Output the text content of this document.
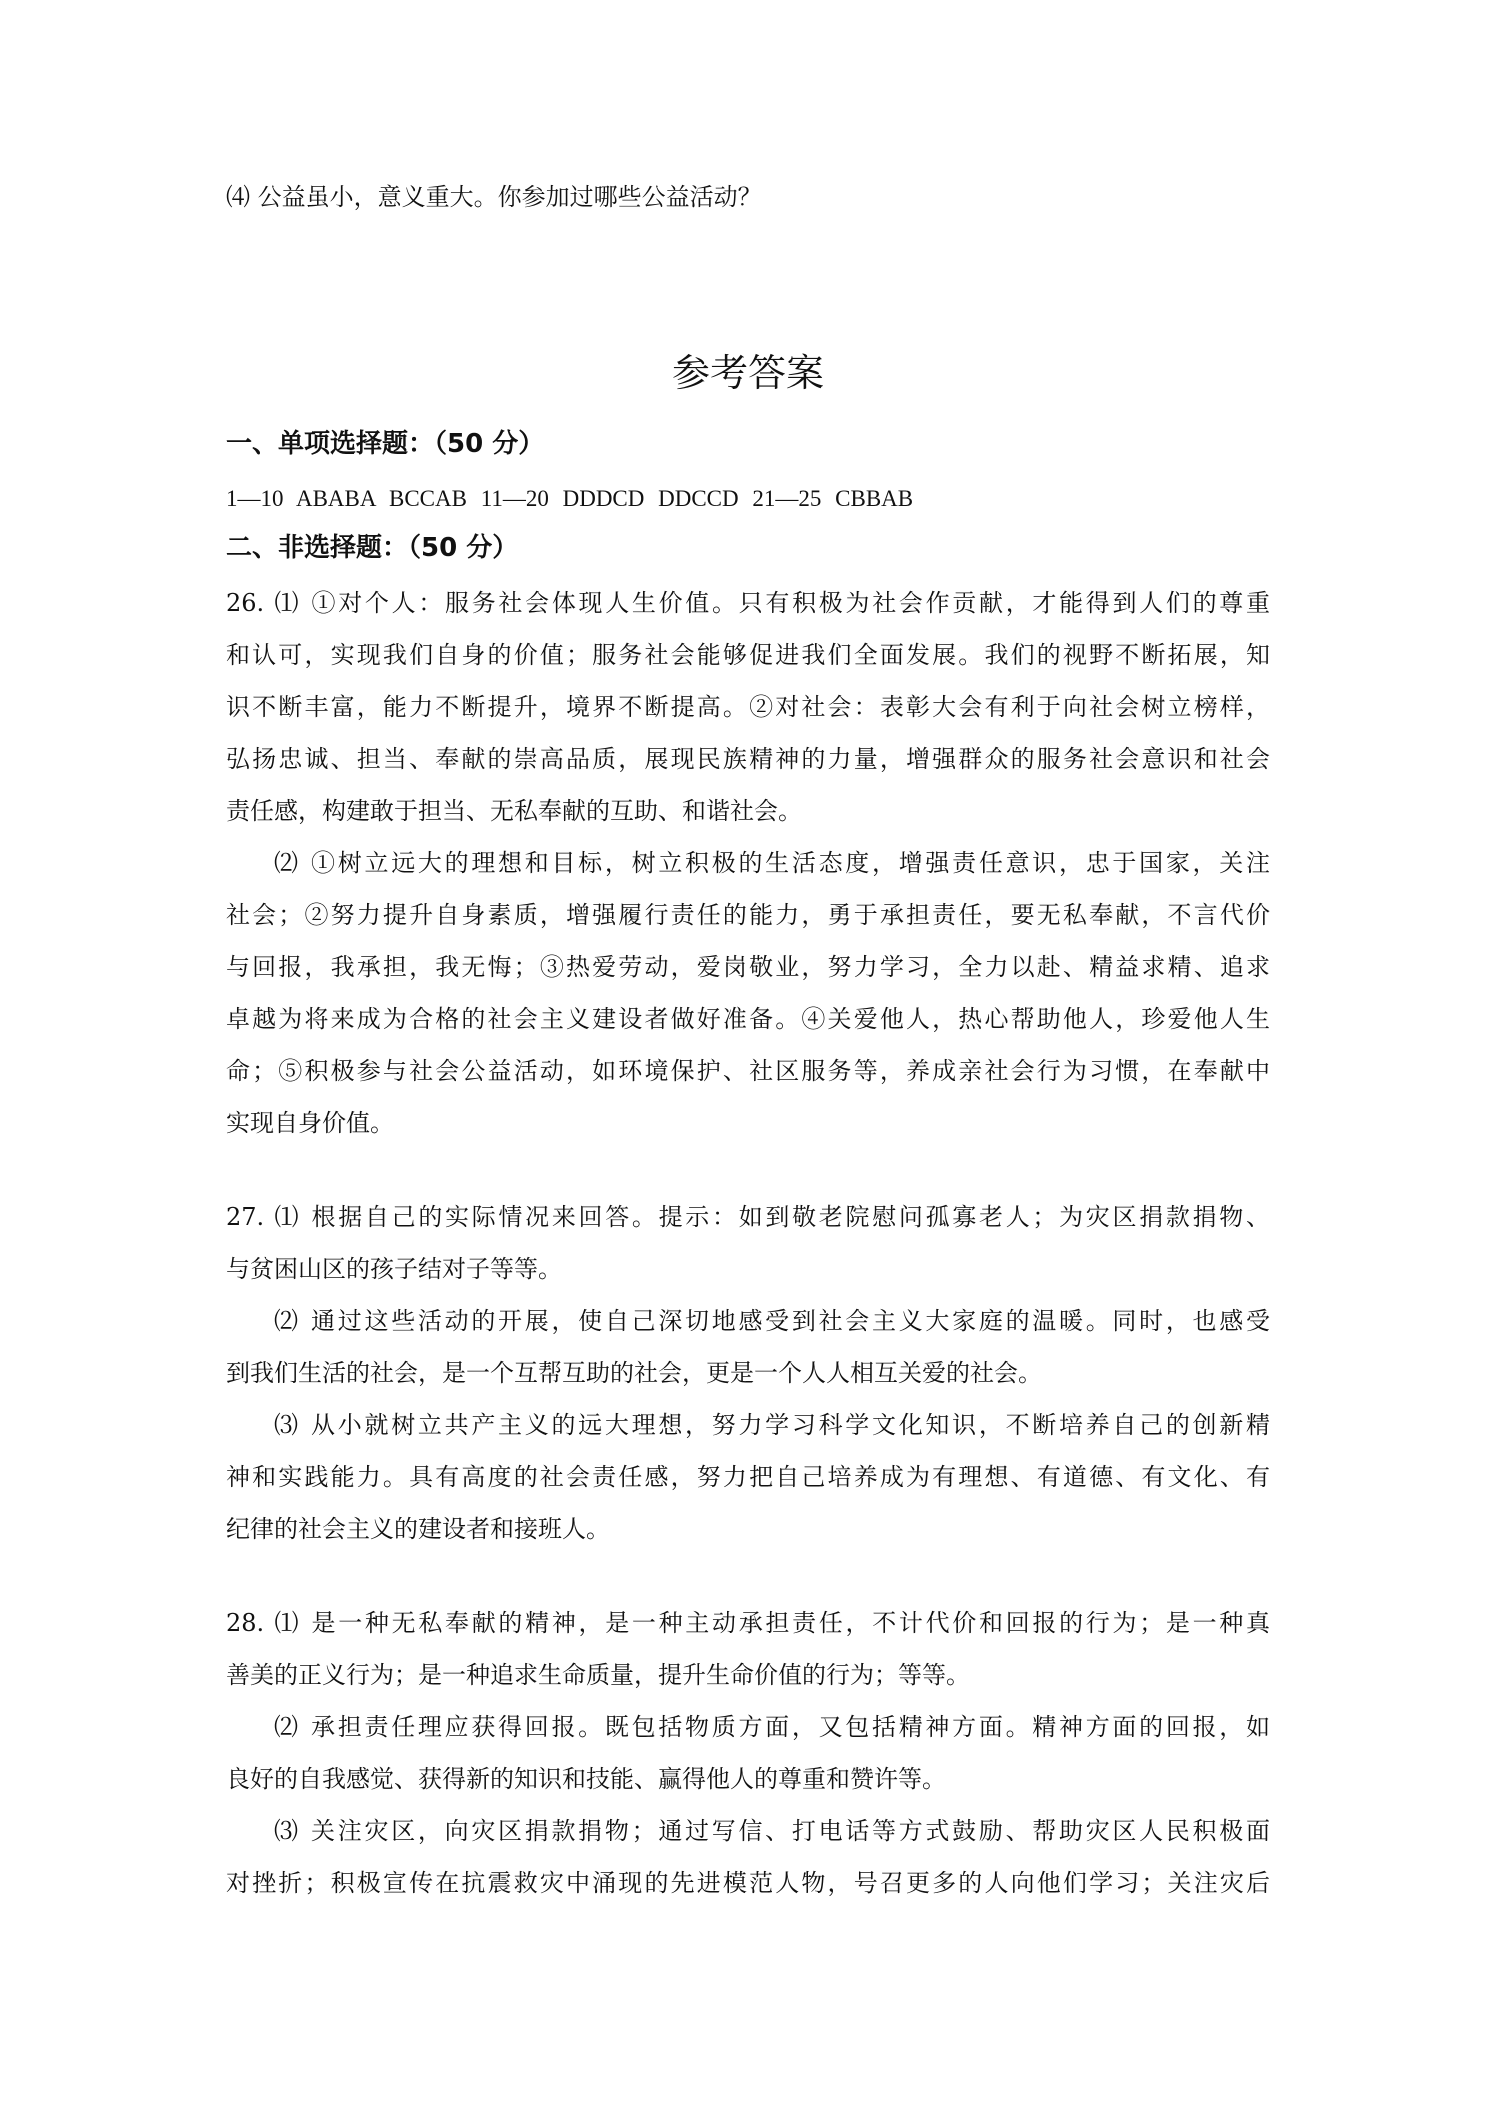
⑷ 公益虽小，意义重大。你参加过哪些公益活动？
参考答案
一、单项选择题：（50 分）
1—10 ABABA BCCAB 11—20 DDDCD DDCCD 21—25 CBBAB
二、非选择题：（50 分）
26. ⑴ ①对个人：服务社会体现人生价值。只有积极为社会作贡献，才能得到人们的尊重
和认可，实现我们自身的价值；服务社会能够促进我们全面发展。我们的视野不断拓展，知
识不断丰富，能力不断提升，境界不断提高。②对社会：表彰大会有利于向社会树立榜样，
弘扬忠诚、担当、奉献的崇高品质，展现民族精神的力量，增强群众的服务社会意识和社会
责任感，构建敢于担当、无私奉献的互助、和谐社会。
⑵ ①树立远大的理想和目标，树立积极的生活态度，增强责任意识，忠于国家，关注
社会；②努力提升自身素质，增强履行责任的能力，勇于承担责任，要无私奉献，不言代价
与回报，我承担，我无悔；③热爱劳动，爱岗敬业，努力学习，全力以赴、精益求精、追求
卓越为将来成为合格的社会主义建设者做好准备。④关爱他人，热心帮助他人，珍爱他人生
命；⑤积极参与社会公益活动，如环境保护、社区服务等，养成亲社会行为习惯，在奉献中
实现自身价值。
27. ⑴ 根据自己的实际情况来回答。提示：如到敬老院慰问孤寡老人；为灾区捐款捐物、
与贫困山区的孩子结对子等等。
⑵ 通过这些活动的开展，使自己深切地感受到社会主义大家庭的温暖。同时，也感受
到我们生活的社会，是一个互帮互助的社会，更是一个人人相互关爱的社会。
⑶ 从小就树立共产主义的远大理想，努力学习科学文化知识，不断培养自己的创新精
神和实践能力。具有高度的社会责任感，努力把自己培养成为有理想、有道德、有文化、有
纪律的社会主义的建设者和接班人。
28. ⑴ 是一种无私奉献的精神，是一种主动承担责任，不计代价和回报的行为；是一种真
善美的正义行为；是一种追求生命质量，提升生命价值的行为；等等。
⑵ 承担责任理应获得回报。既包括物质方面，又包括精神方面。精神方面的回报，如
良好的自我感觉、获得新的知识和技能、赢得他人的尊重和赞许等。
⑶ 关注灾区，向灾区捐款捐物；通过写信、打电话等方式鼓励、帮助灾区人民积极面
对挫折；积极宣传在抗震救灾中涌现的先进模范人物，号召更多的人向他们学习；关注灾后
